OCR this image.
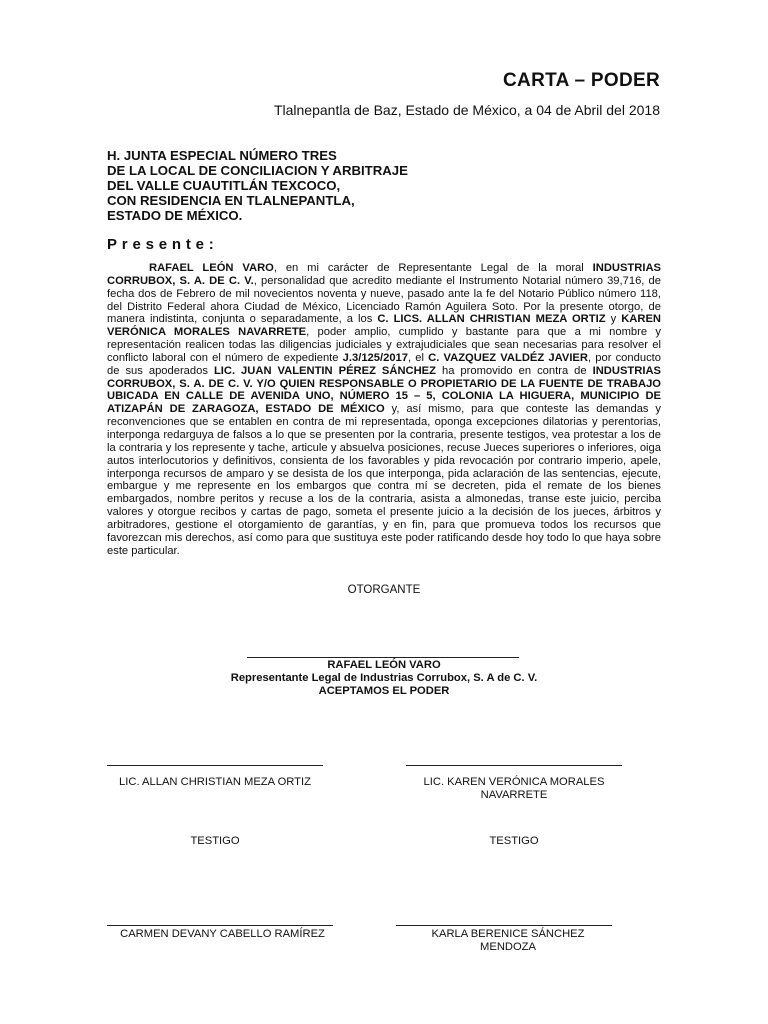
CARTA – PODER
Tlalnepantla de Baz, Estado de México, a 04 de Abril del 2018
H. JUNTA ESPECIAL NÚMERO TRES
DE LA LOCAL DE CONCILIACION Y ARBITRAJE
DEL VALLE CUAUTITLÁN TEXCOCO,
CON RESIDENCIA EN TLALNEPANTLA,
ESTADO DE MÉXICO.
Presente:
RAFAEL LEÓN VARO, en mi carácter de Representante Legal de la moral INDUSTRIAS CORRUBOX, S. A. DE C. V., personalidad que acredito mediante el Instrumento Notarial número 39,716, de fecha dos de Febrero de mil novecientos noventa y nueve, pasado ante la fe del Notario Público número 118, del Distrito Federal ahora Ciudad de México, Licenciado Ramón Aguilera Soto. Por la presente otorgo, de manera indistinta, conjunta o separadamente, a los C. LICS. ALLAN CHRISTIAN MEZA ORTIZ y KAREN VERÓNICA MORALES NAVARRETE, poder amplio, cumplido y bastante para que a mi nombre y representación realicen todas las diligencias judiciales y extrajudiciales que sean necesarias para resolver el conflicto laboral con el número de expediente J.3/125/2017, el C. VAZQUEZ VALDÉZ JAVIER, por conducto de sus apoderados LIC. JUAN VALENTIN PÉREZ SÁNCHEZ ha promovido en contra de INDUSTRIAS CORRUBOX, S. A. DE C. V. Y/O QUIEN RESPONSABLE O PROPIETARIO DE LA FUENTE DE TRABAJO UBICADA EN CALLE DE AVENIDA UNO, NÚMERO 15 – 5, COLONIA LA HIGUERA, MUNICIPIO DE ATIZAPÁN DE ZARAGOZA, ESTADO DE MÉXICO y, así mismo, para que conteste las demandas y reconvenciones que se entablen en contra de mi representada, oponga excepciones dilatorias y perentorias, interponga redarguya de falsos a lo que se presenten por la contraria, presente testigos, vea protestar a los de la contraria y los represente y tache, articule y absuelva posiciones, recuse Jueces superiores o inferiores, oiga autos interlocutorios y definitivos, consienta de los favorables y pida revocación por contrario imperio, apele, interponga recursos de amparo y se desista de los que interponga, pida aclaración de las sentencias, ejecute, embargue y me represente en los embargos que contra mí se decreten, pida el remate de los bienes embargados, nombre peritos y recuse a los de la contraria, asista a almonedas, transe este juicio, perciba valores y otorgue recibos y cartas de pago, someta el presente juicio a la decisión de los jueces, árbitros y arbitradores, gestione el otorgamiento de garantías, y en fin, para que promueva todos los recursos que favorezcan mis derechos, así como para que sustituya este poder ratificando desde hoy todo lo que haya sobre este particular.
OTORGANTE
RAFAEL LEÓN VARO
Representante Legal de Industrias Corrubox, S. A de C. V.
ACEPTAMOS EL PODER
LIC. ALLAN CHRISTIAN MEZA ORTIZ	LIC. KAREN VERÓNICA MORALES
NAVARRETE
TESTIGO	TESTIGO
CARMEN DEVANY CABELLO RAMÍREZ	KARLA BERENICE SÁNCHEZ
MENDOZA
